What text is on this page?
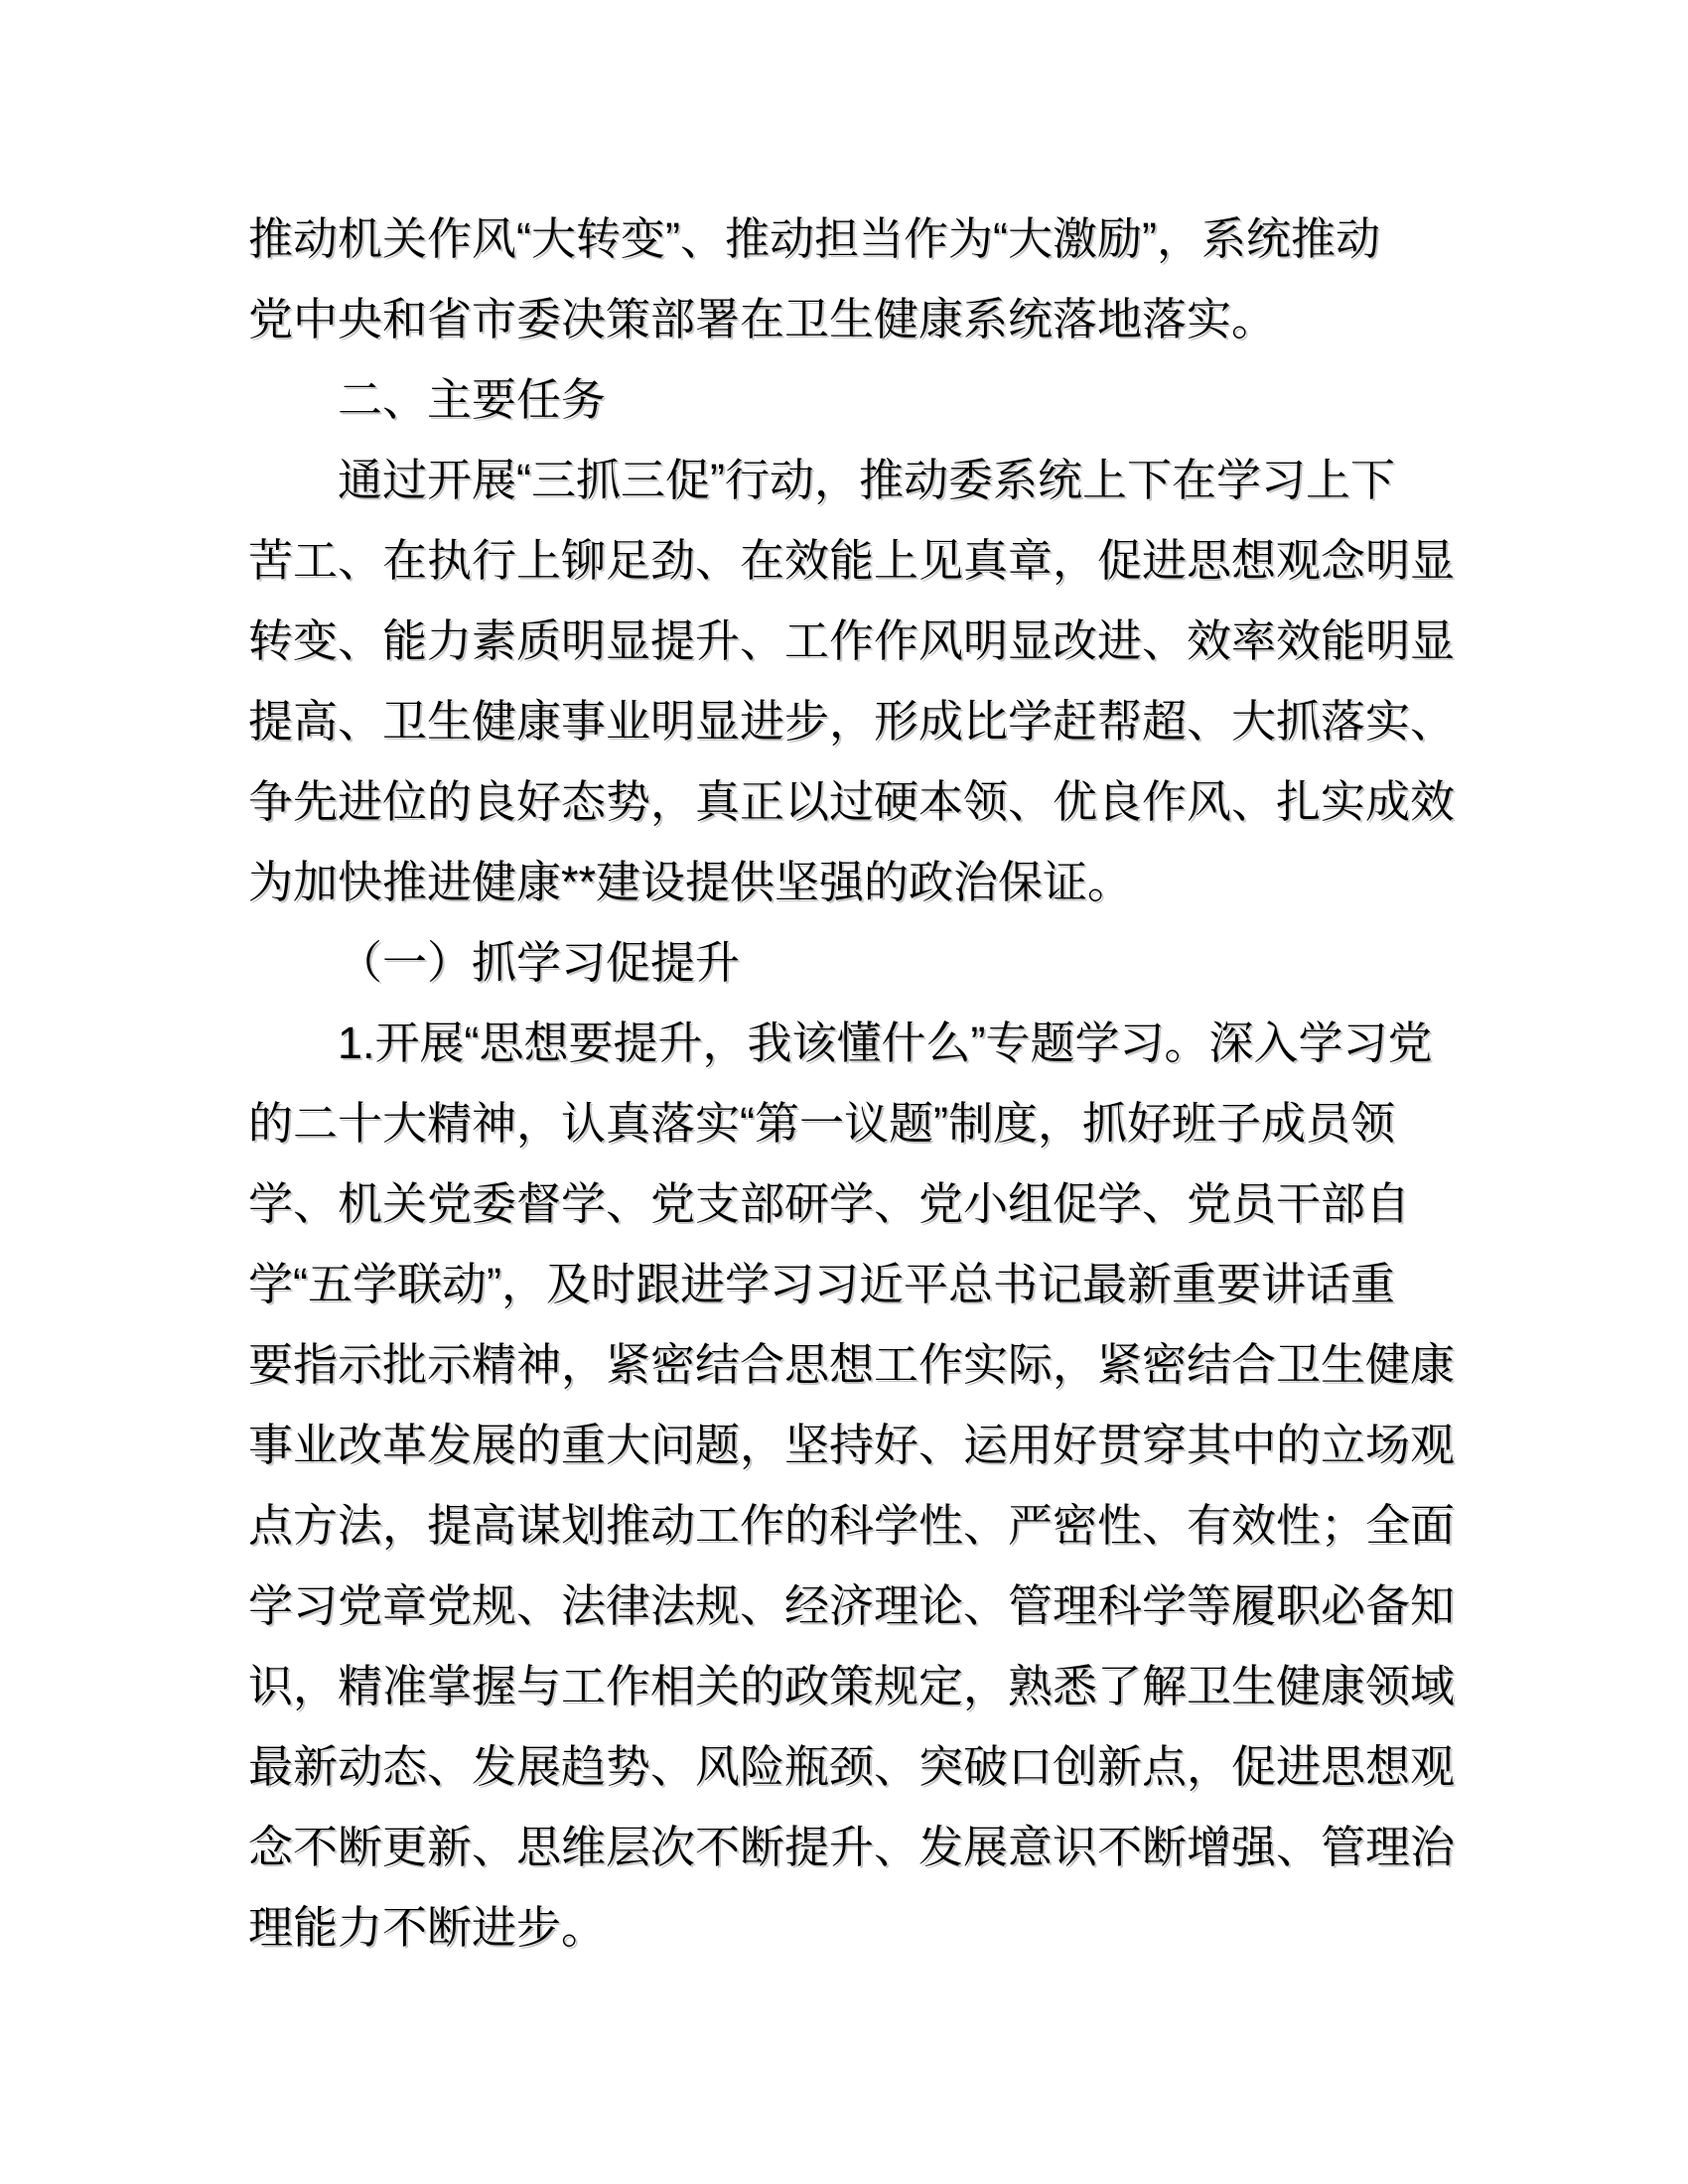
推动机关作风“大转变”、推动担当作为“大激励”，系统推动
党中央和省市委决策部署在卫生健康系统落地落实。
二、主要任务
通过开展“三抓三促”行动，推动委系统上下在学习上下
苦工、在执行上铆足劲、在效能上见真章，促进思想观念明显
转变、能力素质明显提升、工作作风明显改进、效率效能明显
提高、卫生健康事业明显进步，形成比学赶帮超、大抓落实、
争先进位的良好态势，真正以过硬本领、优良作风、扎实成效
为加快推进健康**建设提供坚强的政治保证。
（一）抓学习促提升
1.开展“思想要提升，我该懂什么”专题学习。深入学习党
的二十大精神，认真落实“第一议题”制度，抓好班子成员领
学、机关党委督学、党支部研学、党小组促学、党员干部自
学“五学联动”，及时跟进学习习近平总书记最新重要讲话重
要指示批示精神，紧密结合思想工作实际，紧密结合卫生健康
事业改革发展的重大问题，坚持好、运用好贯穿其中的立场观
点方法，提高谋划推动工作的科学性、严密性、有效性；全面
学习党章党规、法律法规、经济理论、管理科学等履职必备知
识，精准掌握与工作相关的政策规定，熟悉了解卫生健康领域
最新动态、发展趋势、风险瓶颈、突破口创新点，促进思想观
念不断更新、思维层次不断提升、发展意识不断增强、管理治
理能力不断进步。
